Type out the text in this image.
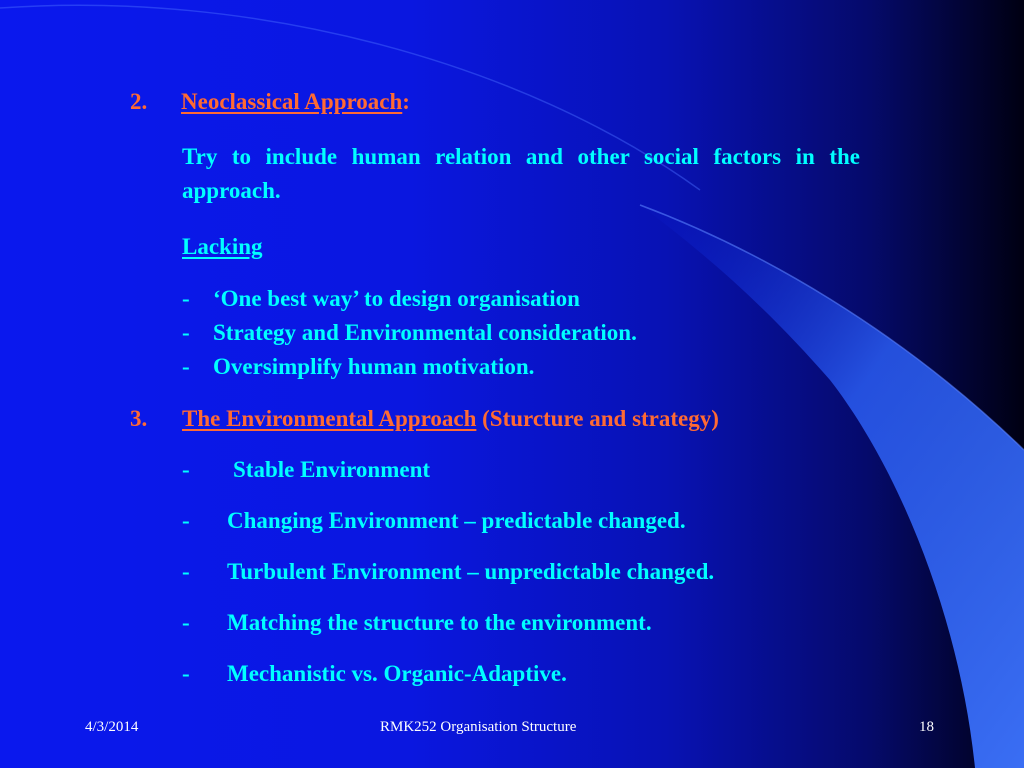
2. Neoclassical Approach:
Try to include human relation and other social factors in the approach.
Lacking
- ‘One best way’ to design organisation
- Strategy and Environmental consideration.
- Oversimplify human motivation.
3. The Environmental Approach (Sturcture and strategy)
- Stable Environment
- Changing Environment – predictable changed.
- Turbulent Environment – unpredictable changed.
- Matching the structure to the environment.
- Mechanistic vs. Organic-Adaptive.
4/3/2014	RMK252 Organisation Structure	18
